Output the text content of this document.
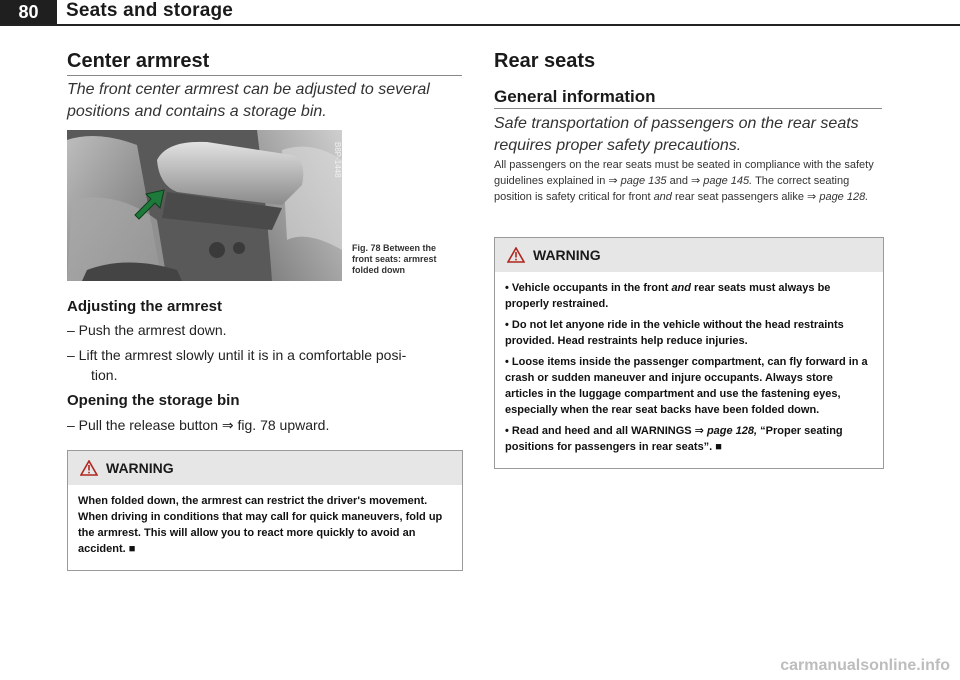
80	Seats and storage
Center armrest
The front center armrest can be adjusted to several positions and contains a storage bin.
B8P-1448
Fig. 78 Between the
front seats: armrest
folded down
Adjusting the armrest
– Push the armrest down.
– Lift the armrest slowly until it is in a comfortable posi-
tion.
Opening the storage bin
– Pull the release button ⇒ fig. 78 upward.
WARNING

When folded down, the armrest can restrict the driver's movement. When driving in conditions that may call for quick maneuvers, fold up the armrest. This will allow you to react more quickly to avoid an accident. ■

Rear seats
General information
Safe transportation of passengers on the rear seats requires proper safety precautions.
All passengers on the rear seats must be seated in compliance with the safety guidelines explained in ⇒ page 135 and ⇒ page 145. The correct seating position is safety critical for front and rear seat passengers alike ⇒ page 128.
WARNING

• Vehicle occupants in the front and rear seats must always be properly restrained.

• Do not let anyone ride in the vehicle without the head restraints provided. Head restraints help reduce injuries.

• Loose items inside the passenger compartment, can fly forward in a crash or sudden maneuver and injure occupants. Always store articles in the luggage compartment and use the fastening eyes, especially when the rear seat backs have been folded down.

• Read and heed and all WARNINGS ⇒ page 128, “Proper seating positions for passengers in rear seats”. ■

carmanualsonline.info
